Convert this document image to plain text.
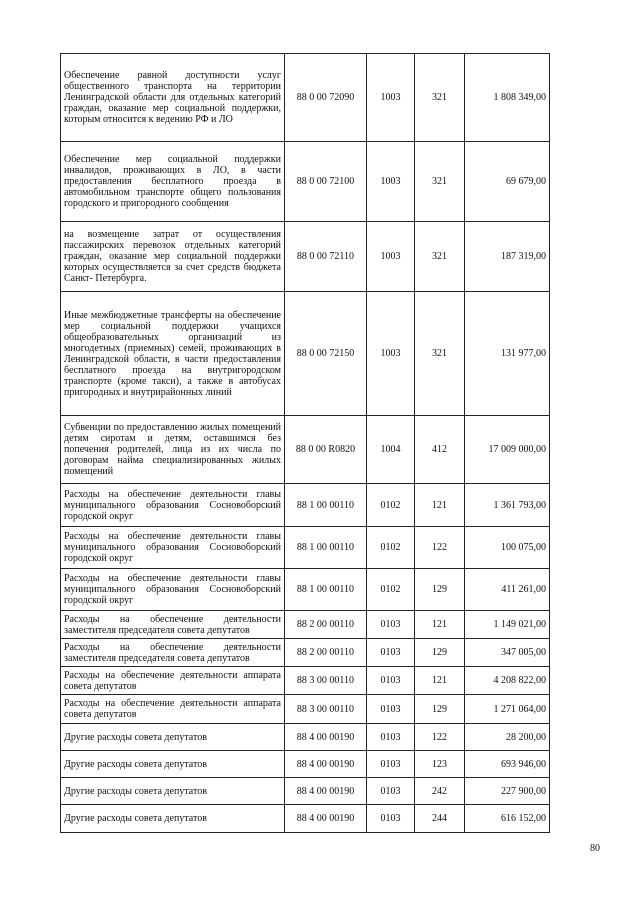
Обеспечение равной доступности услуг общественного транспорта на территории Ленинградской области для отдельных категорий граждан, оказание мер социальной поддержки, которым относится к ведению РФ и ЛО	88 0 00 72090	1003	321	1 808 349,00
Обеспечение мер социальной поддержки инвалидов, проживающих в ЛО, в части предоставления бесплатного проезда в автомобильном транспорте общего пользования городского и пригородного сообщения	88 0 00 72100	1003	321	69 679,00
на возмещение затрат от осуществления пассажирских перевозок отдельных категорий граждан, оказание мер социальной поддержки которых осуществляется за счет средств бюджета Санкт- Петербурга.	88 0 00 72110	1003	321	187 319,00
Иные межбюджетные трансферты на обеспечение мер социальной поддержки учащихся общеобразовательных организаций из многодетных (приемных) семей, проживающих в Ленинградской области, в части предоставления бесплатного проезда на внутригородском транспорте (кроме такси), а также в автобусах пригородных и внутрирайонных линий	88 0 00 72150	1003	321	131 977,00
Субвенции по предоставлению жилых помещений детям сиротам и детям, оставшимся без попечения родителей, лица из их числа по договорам найма специализированных жилых помещений	88 0 00 R0820	1004	412	17 009 000,00
Расходы на обеспечение деятельности главы муниципального образования Сосновоборский городской округ	88 1 00 00110	0102	121	1 361 793,00
Расходы на обеспечение деятельности главы муниципального образования Сосновоборский городской округ	88 1 00 00110	0102	122	100 075,00
Расходы на обеспечение деятельности главы муниципального образования Сосновоборский городской округ	88 1 00 00110	0102	129	411 261,00
Расходы на обеспечение деятельности заместителя председателя совета депутатов	88 2 00 00110	0103	121	1 149 021,00
Расходы на обеспечение деятельности заместителя председателя совета депутатов	88 2 00 00110	0103	129	347 005,00
Расходы на обеспечение деятельности аппарата совета депутатов	88 3 00 00110	0103	121	4 208 822,00
Расходы на обеспечение деятельности аппарата совета депутатов	88 3 00 00110	0103	129	1 271 064,00
Другие расходы совета депутатов	88 4 00 00190	0103	122	28 200,00
Другие расходы совета депутатов	88 4 00 00190	0103	123	693 946,00
Другие расходы совета депутатов	88 4 00 00190	0103	242	227 900,00
Другие расходы совета депутатов	88 4 00 00190	0103	244	616 152,00
80
